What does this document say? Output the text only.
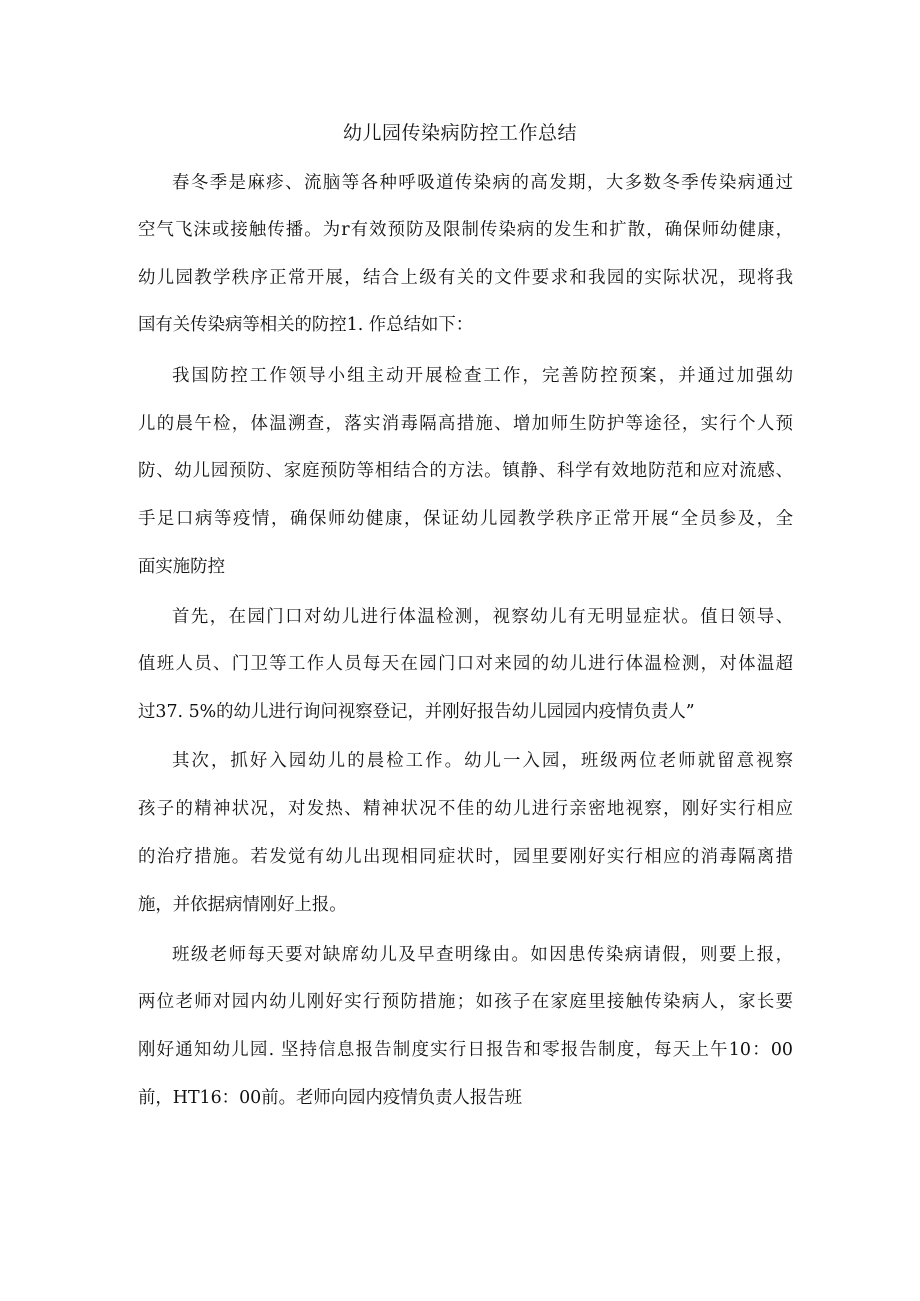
幼儿园传染病防控工作总结
春冬季是麻疹、流脑等各种呼吸道传染病的高发期，大多数冬季传染病通过
空气飞沫或接触传播。为r有效预防及限制传染病的发生和扩散，确保师幼健康，
幼儿园教学秩序正常开展，结合上级有关的文件要求和我园的实际状况，现将我
国有关传染病等相关的防控1. 作总结如下：
我国防控工作领导小组主动开展检查工作，完善防控预案，并通过加强幼
儿的晨午检，体温溯查，落实消毒隔高措施、增加师生防护等途径，实行个人预
防、幼儿园预防、家庭预防等相结合的方法。镇静、科学有效地防范和应对流感、
手足口病等疫情，确保师幼健康，保证幼儿园教学秩序正常开展“全员参及，全
面实施防控
首先，在园门口对幼儿进行体温检测，视察幼儿有无明显症状。值日领导、
值班人员、门卫等工作人员每天在园门口对来园的幼儿进行体温检测，对体温超
过37. 5%的幼儿进行询问视察登记，并刚好报告幼儿园园内疫情负责人”
其次，抓好入园幼儿的晨检工作。幼儿一入园，班级两位老师就留意视察
孩子的精神状况，对发热、精神状况不佳的幼儿进行亲密地视察，刚好实行相应
的治疗措施。若发觉有幼儿出现相同症状时，园里要刚好实行相应的消毒隔离措
施，并依据病情刚好上报。
班级老师每天要对缺席幼儿及早查明缘由。如因患传染病请假，则要上报，
两位老师对园内幼儿刚好实行预防措施；如孩子在家庭里接触传染病人，家长要
刚好通知幼儿园. 坚持信息报告制度实行日报告和零报告制度，每天上午10：00
前，HT16：00前。老师向园内疫情负责人报告班
